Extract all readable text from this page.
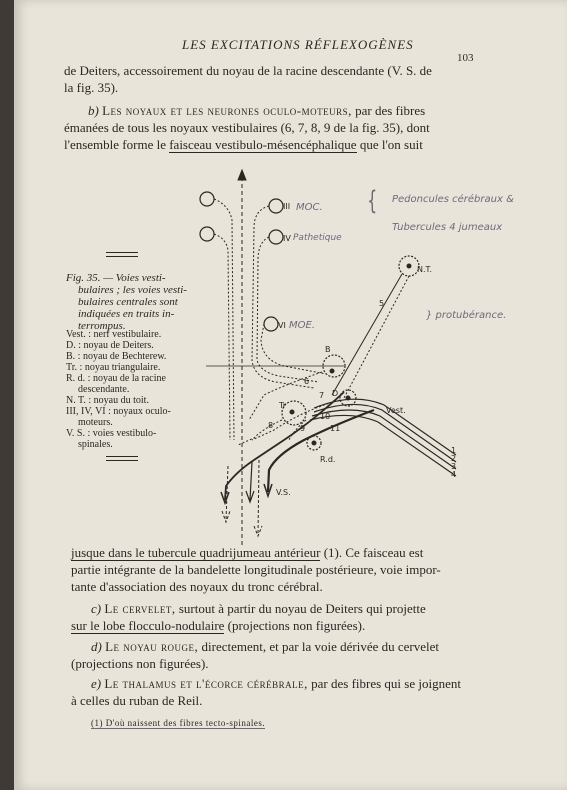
LES EXCITATIONS RÉFLEXOGÈNES
103
de Deiters, accessoirement du noyau de la racine descendante (V. S. de
la fig. 35).
b) Les noyaux et les neurones oculo-moteurs, par des fibres
émanées de tous les noyaux vestibulaires (6, 7, 8, 9 de la fig. 35), dont
l'ensemble forme le faisceau vestibulo-mésencéphalique que l'on suit
Fig. 35. — Voies vesti-
bulaires ; les voies vesti-
bulaires centrales sont
indiquées en traits in-
terrompus.
Vest. : nerf vestibulaire.
D. : noyau de Deiters.
B. : noyau de Bechterew.
Tr. : noyau triangulaire.
R. d. : noyau de la racine
descendante.
N. T. : noyau du toit.
III, IV, VI : noyaux oculo-
moteurs.
V. S. : voies vestibulo-
spinales.
III
IV
VI
N.T.
B
D
Tr
R.d.
Vest.
V.S.
5
6
7
8	9
10
11
1
2
3
4
MOC.
Pathetique
MOE.
{ Pedoncules cérébraux &
Tubercules 4 jumeaux
} protubérance.
jusque dans le tubercule quadrijumeau antérieur (1). Ce faisceau est
partie intégrante de la bandelette longitudinale postérieure, voie impor-
tante d'association des noyaux du tronc cérébral.
c) Le cervelet, surtout à partir du noyau de Deiters qui projette
sur le lobe flocculo-nodulaire (projections non figurées).
d) Le noyau rouge, directement, et par la voie dérivée du cervelet
(projections non figurées).
e) Le thalamus et l'écorce cérébrale, par des fibres qui se joignent
à celles du ruban de Reil.
(1) D'où naissent des fibres tecto-spinales.
